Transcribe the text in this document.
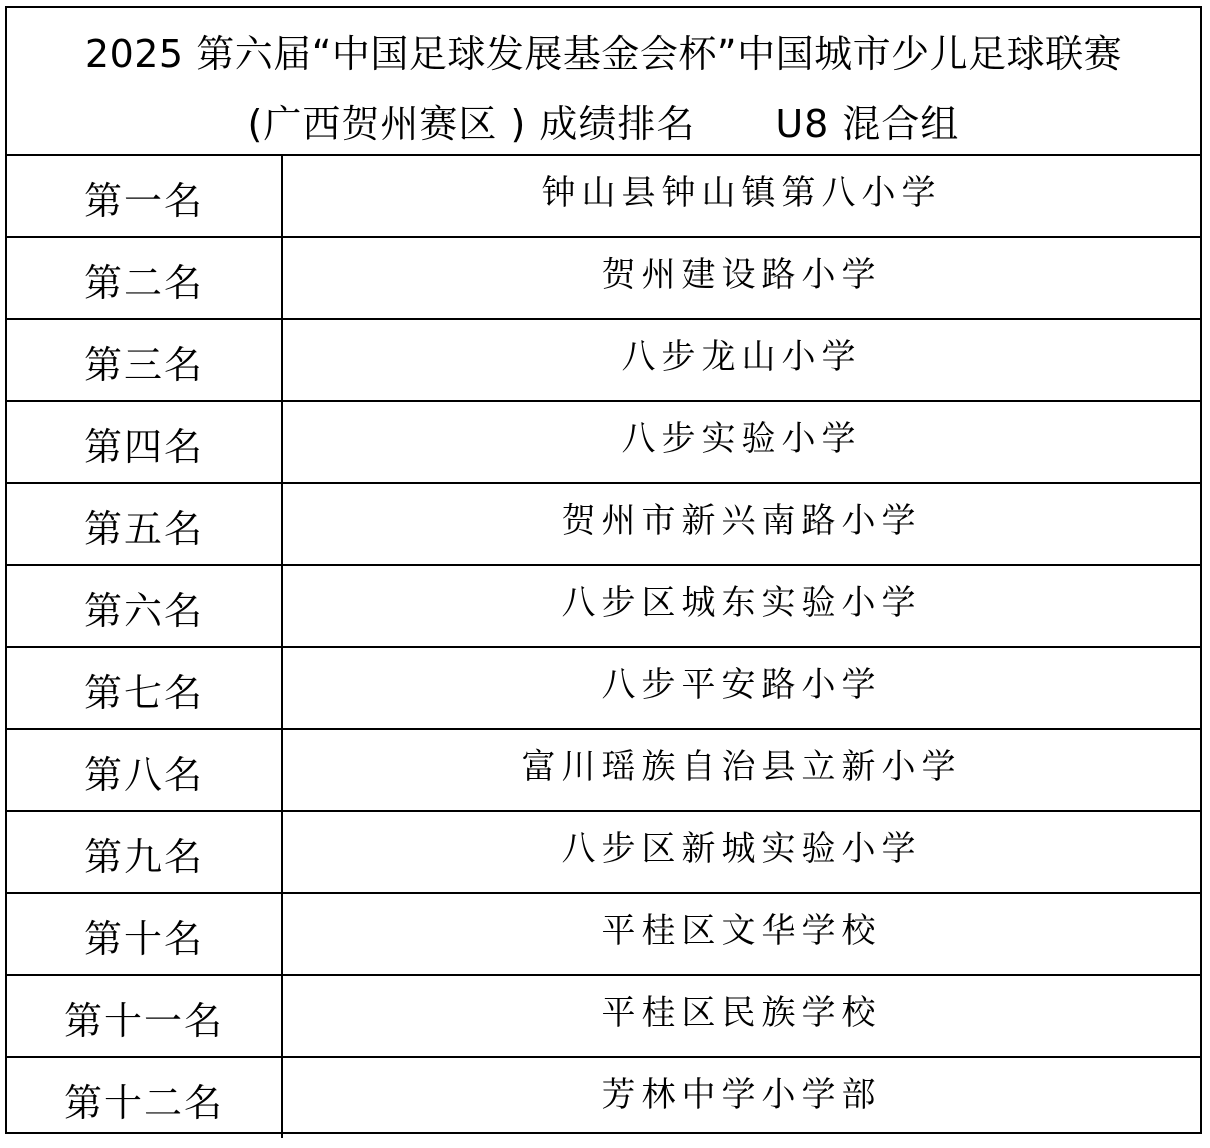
2025 第六届“中国足球发展基金会杯”中国城市少儿足球联赛
(广西贺州赛区 ) 成绩排名 U8 混合组
第一名	钟山县钟山镇第八小学
第二名	贺州建设路小学
第三名	八步龙山小学
第四名	八步实验小学
第五名	贺州市新兴南路小学
第六名	八步区城东实验小学
第七名	八步平安路小学
第八名	富川瑶族自治县立新小学
第九名	八步区新城实验小学
第十名	平桂区文华学校
第十一名	平桂区民族学校
第十二名	芳林中学小学部
